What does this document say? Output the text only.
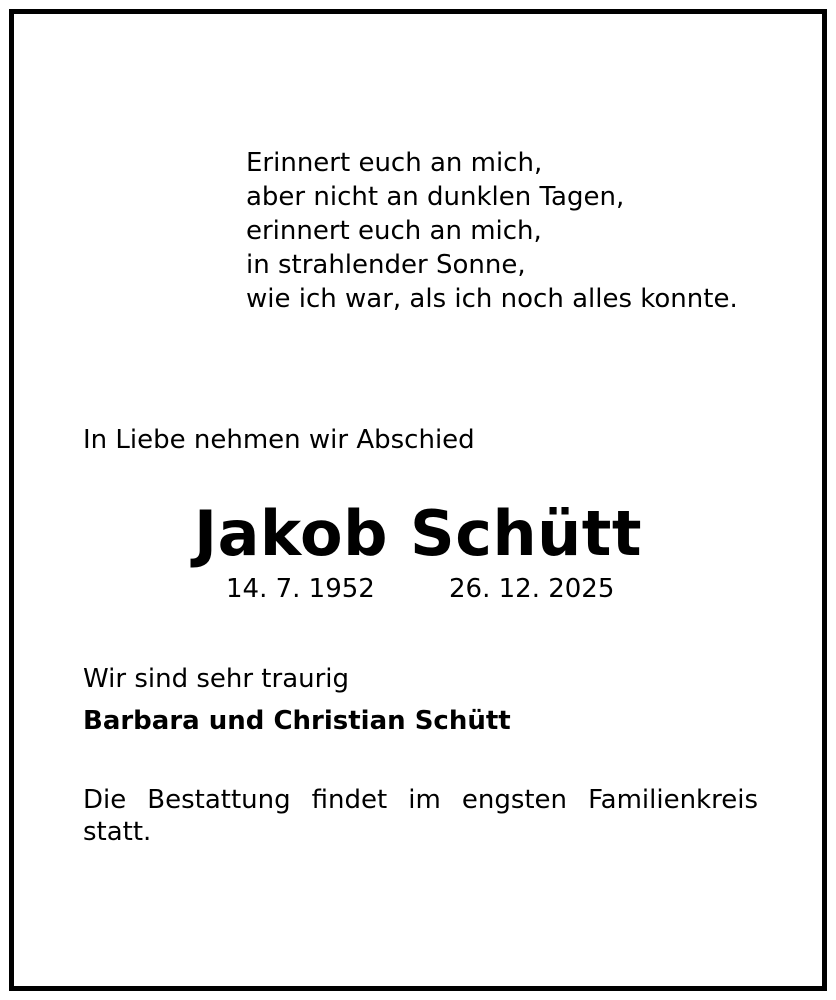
Erinnert euch an mich,
aber nicht an dunklen Tagen,
erinnert euch an mich,
in strahlender Sonne,
wie ich war, als ich noch alles konnte.
In Liebe nehmen wir Abschied
Jakob Schütt
14. 7. 1952	26. 12. 2025
Wir sind sehr traurig
Barbara und Christian Schütt
Die Bestattung findet im engsten Familienkreis statt.
